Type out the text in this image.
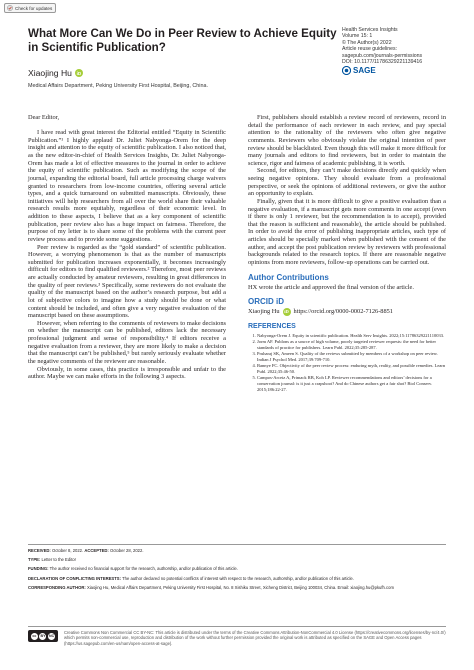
Check for updates
What More Can We Do in Peer Review to Achieve Equity in Scientific Publication?
Health Services Insights
Volume 15: 1
© The Author(s) 2022
Article reuse guidelines:
sagepub.com/journals-permissions
DOI: 10.1177/11786329221139416
SAGE
Xiaojing Hu	iD
Medical Affairs Department, Peking University First Hospital, Beijing, China.

Dear Editor,

I have read with great interest the Editorial entitled “Equity in Scientific Publication.”¹ I highly applaud Dr. Juliet Nabyonga-Orem for the deep insight and attention to the equity of scientific publication. I also noticed that, as the new editor-in-chief of Health Services Insights, Dr. Juliet Nabyonga-Orem has made a lot of effective measures to the journal in order to achieve the equity of scientific publication. Such as modifying the scope of the journal, expanding the editorial board, full article processing charge waivers granted to researchers from low-income countries, offering several article types, and a quick turnaround on submitted manuscripts. Obviously, these initiatives will help researchers from all over the world share their valuable research results more equitably, regardless of their economic level. In addition to these aspects, I believe that as a key component of scientific publication, peer review also has a huge impact on fairness. Therefore, the purpose of my letter is to share some of the problems with the current peer review process and to provide some suggestions.

Peer review is regarded as the “gold standard” of scientific publication. However, a worrying phenomenon is that as the number of manuscripts submitted for publication increases exponentially, it becomes increasingly difficult for editors to find qualified reviewers.² Therefore, most peer reviews are actually conducted by amateur reviewers, resulting in great differences in the quality of peer reviews.³ Specifically, some reviewers do not evaluate the quality of the manuscript based on the author’s research purpose, but add a lot of subjective colors to imagine how a study should be done or what content should be included, and often give a very negative evaluation of the manuscript based on these assumptions.

However, when referring to the comments of reviewers to make decisions on whether the manuscript can be published, editors lack the necessary professional judgment and sense of responsibility.⁴ If editors receive a negative evaluation from a reviewer, they are more likely to make a decision that the manuscript can’t be published,⁵ but rarely seriously evaluate whether the negative comments of the reviewer are reasonable.

Obviously, in some cases, this practice is irresponsible and unfair to the author. Maybe we can make efforts in the following 3 aspects.

First, publishers should establish a review record of reviewers, record in detail the performance of each reviewer in each review, and pay special attention to the rationality of the reviewers who often give negative comments. Reviewers who obviously violate the original intention of peer review should be blacklisted. Even though this will make it more difficult for many journals and editors to find reviewers, but in order to maintain the science, rigor and fairness of academic publishing, it is worth.

Second, for editors, they can’t make decisions directly and quickly when seeing negative opinions. They should evaluate from a professional perspective, or seek the opinions of additional reviewers, or give the author an opportunity to explain.

Finally, given that it is more difficult to give a positive evaluation than a negative evaluation, if a manuscript gets more comments in one accept (even if there is only 1 reviewer, but the recommendation is to accept), provided that the reason is sufficient and reasonable), the article should be published. In order to avoid the error of publishing inappropriate articles, such type of articles should be specially marked when published with the consent of the author, and accept the post publication review by reviewers with professional backgrounds related to the research topics. If there are reasonable negative opinions from more reviewers, follow-up operations can be carried out.

Author Contributions

HX wrote the article and approved the final version of the article.

ORCID iD
Xiaojing Hu	iD https://orcid.org/0000-0002-7126-8851
REFERENCES
1. Nabyonga-Orem J. Equity in scientific publication. Health Serv Insights. 2022;15:11786329221110033.
2. Jorm AF. Publons as a source of high volume, poorly targeted reviewer requests: the need for better standards of practice for publishers. Learn Publ. 2022;35:285-287.
3. Pruharaj SK, Ameen S. Quality of the reviews submitted by members of a workshop on peer review. Indian J Psychol Med. 2017;39:709-710.
4. Bannye FC. Objectivity of the peer review process: enduring myth, reality, and possible remedies. Learn Publ. 2022;35:46-50.
5. Campos-Arceiz A, Primack RB, Koh LP. Reviewer recommendations and editors’ decisions for a conservation journal: is it just a crapshoot? And do Chinese authors get a fair shot? Biol Conserv. 2015;186:22-27.
RECEIVED: October 8, 2022. ACCEPTED: October 28, 2022.
TYPE: Letter to the Editor
FUNDING: The author received no financial support for the research, authorship, and/or publication of this article.
DECLARATION OF CONFLICTING INTERESTS: The author declared no potential conflicts of interest with respect to the research, authorship, and/or publication of this article.
CORRESPONDING AUTHOR: Xiaojing Hu, Medical Affairs Department, Peking University First Hospital, No. 8 Xishiku Street, Xicheng District, Beijing 100034, China. Email: xiaojing.hu@pkufh.com
cc	BY NC
Creative Commons Non Commercial CC BY-NC: This article is distributed under the terms of the Creative Commons Attribution-NonCommercial 4.0 License (https://creativecommons.org/licenses/by-nc/4.0/) which permits non-commercial use, reproduction and distribution of the work without further permission provided the original work is attributed as specified on the SAGE and Open Access pages (https://us.sagepub.com/en-us/nam/open-access-at-sage).
